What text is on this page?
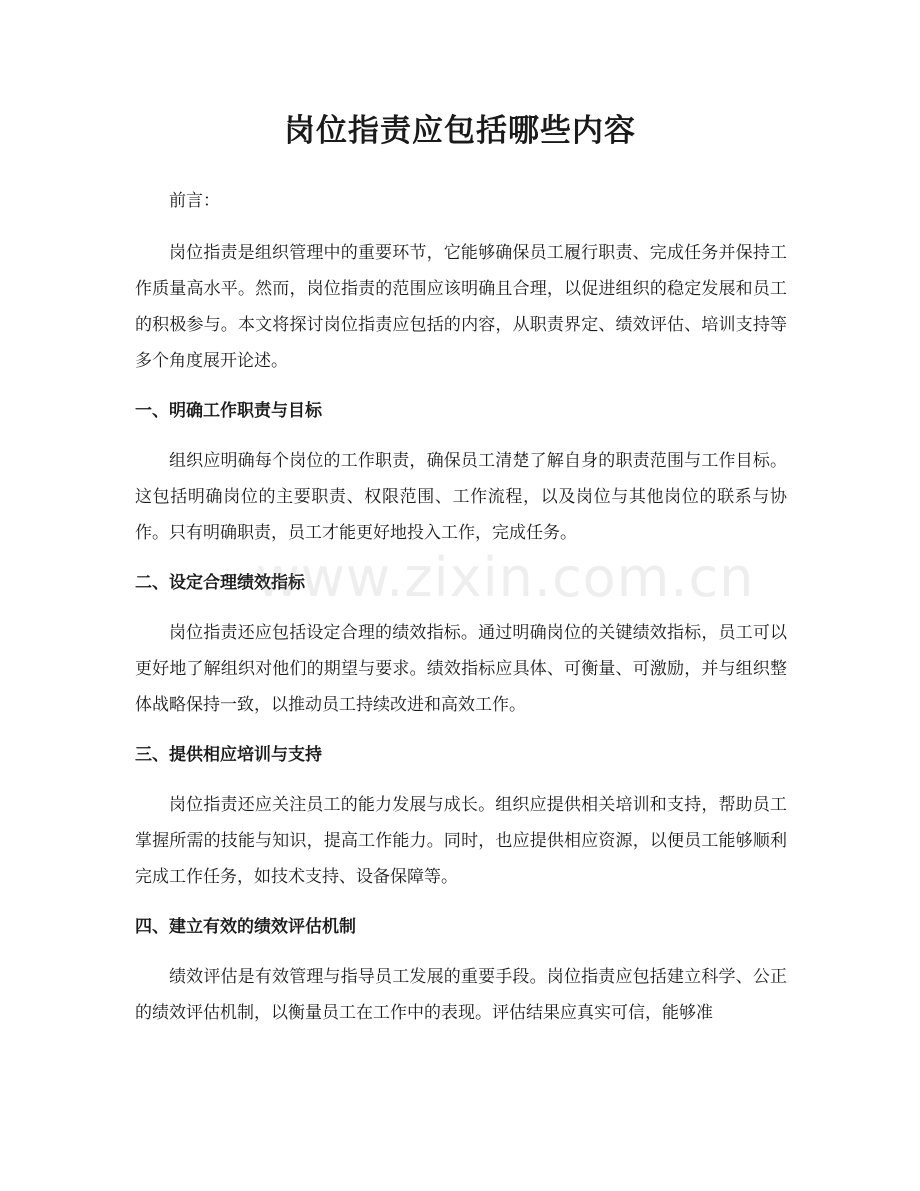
岗位指责应包括哪些内容

前言：

岗位指责是组织管理中的重要环节，它能够确保员工履行职责、完成任务并保持工作质量高水平。然而，岗位指责的范围应该明确且合理，以促进组织的稳定发展和员工的积极参与。本文将探讨岗位指责应包括的内容，从职责界定、绩效评估、培训支持等多个角度展开论述。

一、明确工作职责与目标

组织应明确每个岗位的工作职责，确保员工清楚了解自身的职责范围与工作目标。这包括明确岗位的主要职责、权限范围、工作流程，以及岗位与其他岗位的联系与协作。只有明确职责，员工才能更好地投入工作，完成任务。

二、设定合理绩效指标

岗位指责还应包括设定合理的绩效指标。通过明确岗位的关键绩效指标，员工可以更好地了解组织对他们的期望与要求。绩效指标应具体、可衡量、可激励，并与组织整体战略保持一致，以推动员工持续改进和高效工作。

三、提供相应培训与支持

岗位指责还应关注员工的能力发展与成长。组织应提供相关培训和支持，帮助员工掌握所需的技能与知识，提高工作能力。同时，也应提供相应资源，以便员工能够顺利完成工作任务，如技术支持、设备保障等。

四、建立有效的绩效评估机制

绩效评估是有效管理与指导员工发展的重要手段。岗位指责应包括建立科学、公正的绩效评估机制，以衡量员工在工作中的表现。评估结果应真实可信，能够准

www.zixin.com.cn
